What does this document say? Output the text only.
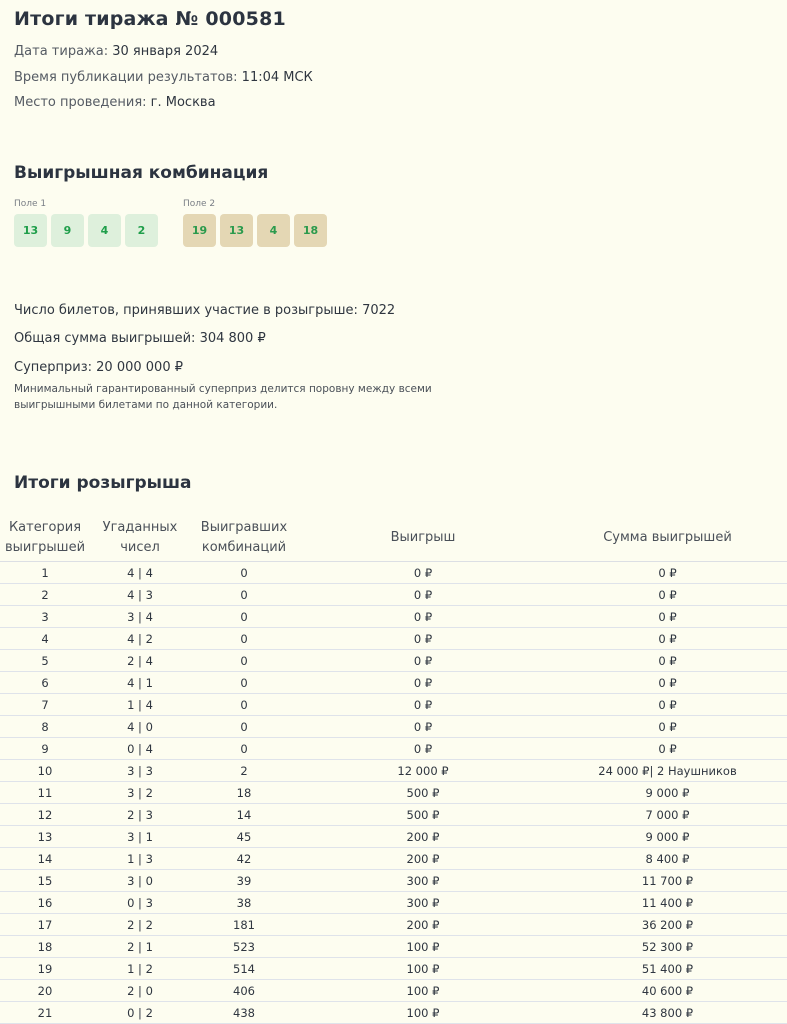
Итоги тиража № 000581
Дата тиража: 30 января 2024
Время публикации результатов: 11:04 МСК
Место проведения: г. Москва
Выигрышная комбинация
Поле 1
13	9	4	2
Поле 2
19	13	4	18
Число билетов, принявших участие в розыгрыше: 7022
Общая сумма выигрышей: 304 800 ₽
Суперприз: 20 000 000 ₽
Минимальный гарантированный суперприз делится поровну между всеми выигрышными билетами по данной категории.
Итоги розыгрыша
Категория выигрышей	Угаданных чисел	Выигравших комбинаций	Выигрыш	Сумма выигрышей
1	4 | 4	0	0 ₽	0 ₽
2	4 | 3	0	0 ₽	0 ₽
3	3 | 4	0	0 ₽	0 ₽
4	4 | 2	0	0 ₽	0 ₽
5	2 | 4	0	0 ₽	0 ₽
6	4 | 1	0	0 ₽	0 ₽
7	1 | 4	0	0 ₽	0 ₽
8	4 | 0	0	0 ₽	0 ₽
9	0 | 4	0	0 ₽	0 ₽
10	3 | 3	2	12 000 ₽	24 000 ₽| 2 Наушников
11	3 | 2	18	500 ₽	9 000 ₽
12	2 | 3	14	500 ₽	7 000 ₽
13	3 | 1	45	200 ₽	9 000 ₽
14	1 | 3	42	200 ₽	8 400 ₽
15	3 | 0	39	300 ₽	11 700 ₽
16	0 | 3	38	300 ₽	11 400 ₽
17	2 | 2	181	200 ₽	36 200 ₽
18	2 | 1	523	100 ₽	52 300 ₽
19	1 | 2	514	100 ₽	51 400 ₽
20	2 | 0	406	100 ₽	40 600 ₽
21	0 | 2	438	100 ₽	43 800 ₽
